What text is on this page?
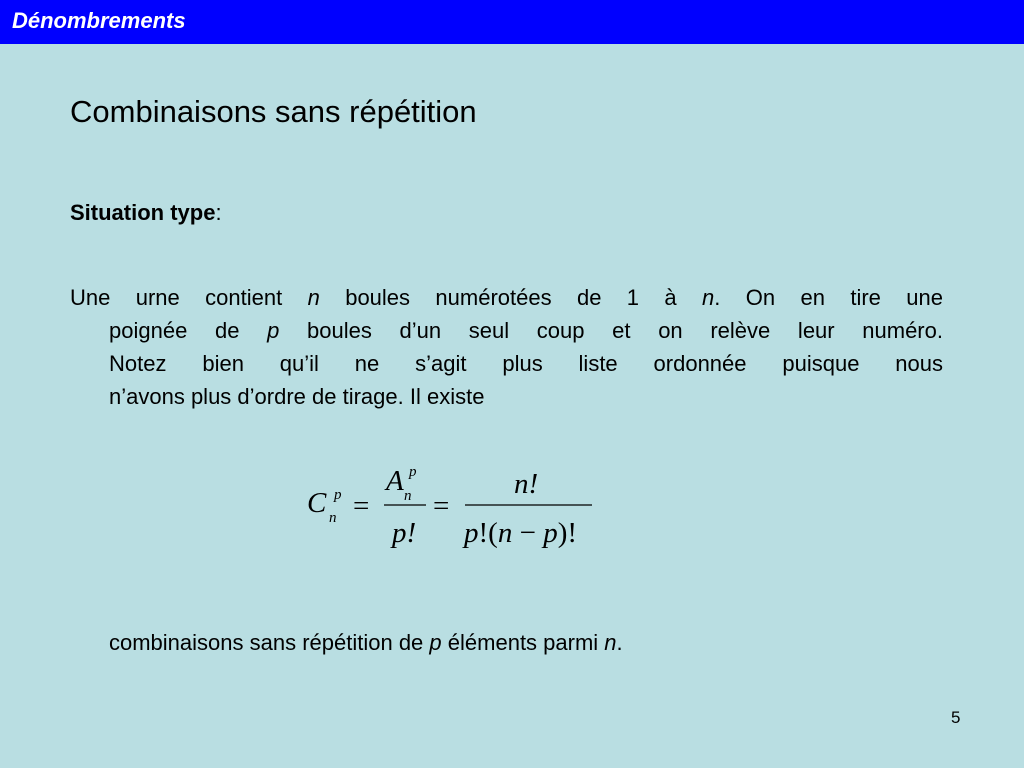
Dénombrements
Combinaisons sans répétition
Situation type:
Une urne contient n boules numérotées de 1 à n. On en tire une
poignée de p boules d’un seul coup et on relève leur numéro.
Notez bien qu’il ne s’agit plus liste ordonnée puisque nous
n’avons plus d’ordre de tirage. Il existe
C p
n =
A p
n
p!
=
n!
p!(n − p)!
combinaisons sans répétition de p éléments parmi n.
5
